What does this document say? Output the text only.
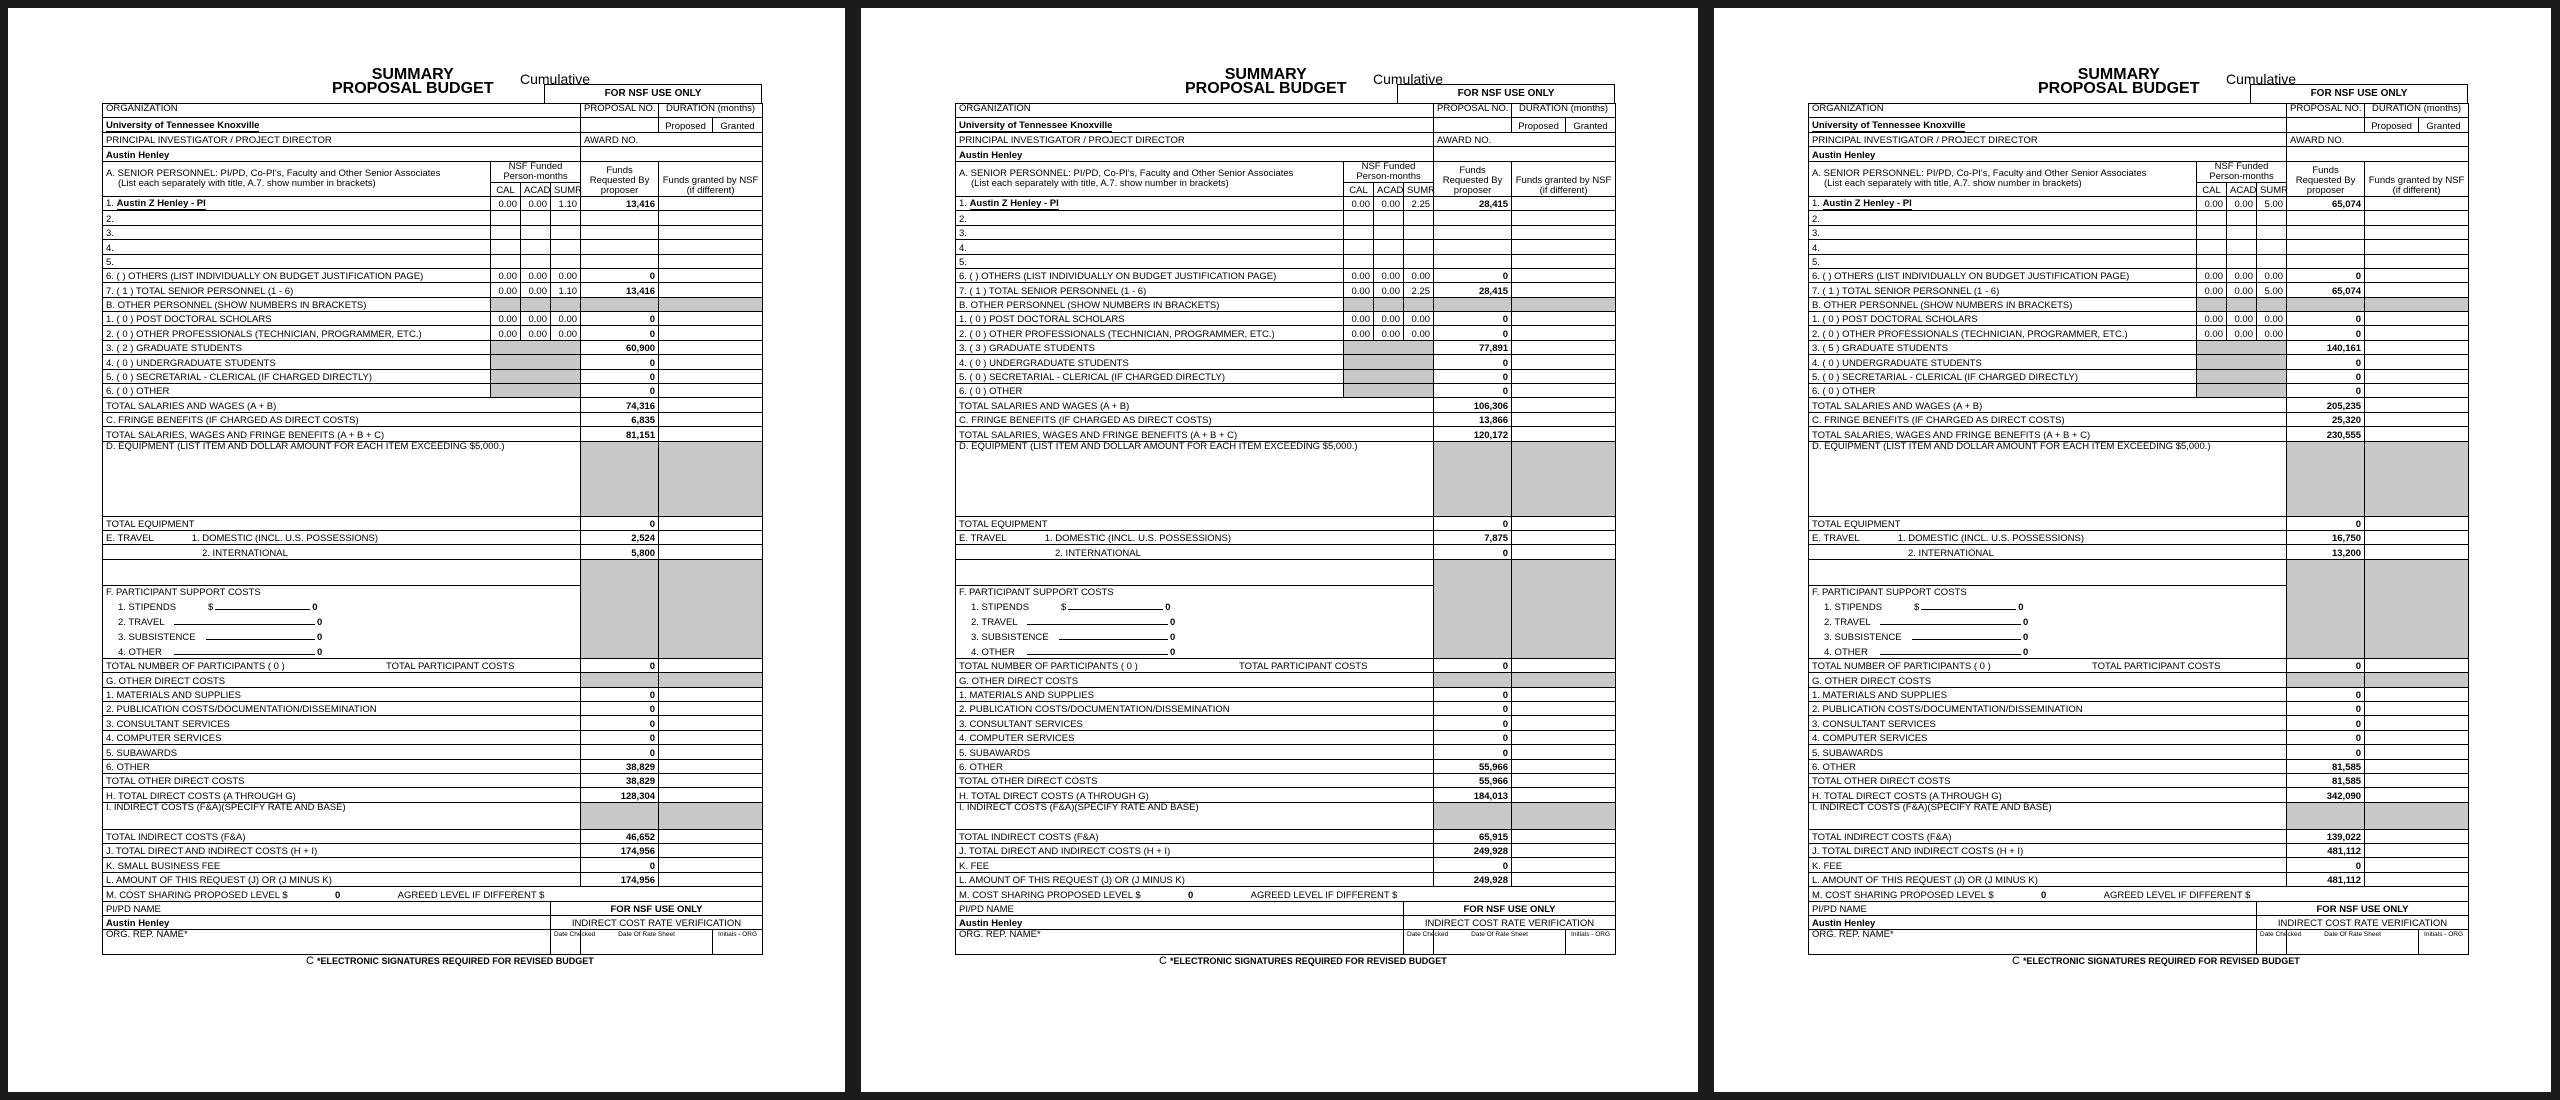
SUMMARY
PROPOSAL BUDGET
Cumulative
FOR NSF USE ONLY
ORGANIZATION				PROPOSAL NO.	DURATION (months)	
University of Tennessee Knoxville					Proposed	Granted
PRINCIPAL INVESTIGATOR / PROJECT DIRECTOR				AWARD NO.		
Austin Henley						

A. SENIOR PERSONNEL: PI/PD, Co-PI's, Faculty and Other Senior Associates
(List each separately with title, A.7. show number in brackets)	NSF Funded Person-months			Funds Requested By proposer	Funds granted by NSF (if different)	
	CAL	ACAD	SUMR			
1. Austin Z Henley - PI	0.00	0.00	1.10	13,416		
2.						
3.						
4.						
5.						
6. ( ) OTHERS (LIST INDIVIDUALLY ON BUDGET JUSTIFICATION PAGE)	0.00	0.00	0.00	0		
7. ( 1 ) TOTAL SENIOR PERSONNEL (1 - 6)	0.00	0.00	1.10	13,416		
B. OTHER PERSONNEL (SHOW NUMBERS IN BRACKETS)						
1. ( 0 ) POST DOCTORAL SCHOLARS	0.00	0.00	0.00	0		
2. ( 0 ) OTHER PROFESSIONALS (TECHNICIAN, PROGRAMMER, ETC.)	0.00	0.00	0.00	0		
3. ( 2 ) GRADUATE STUDENTS				60,900		
4. ( 0 ) UNDERGRADUATE STUDENTS				0		
5. ( 0 ) SECRETARIAL - CLERICAL (IF CHARGED DIRECTLY)				0		
6. ( 0 ) OTHER				0		
TOTAL SALARIES AND WAGES (A + B)				74,316		
C. FRINGE BENEFITS (IF CHARGED AS DIRECT COSTS)				6,835		
TOTAL SALARIES, WAGES AND FRINGE BENEFITS (A + B + C)				81,151		
D. EQUIPMENT (LIST ITEM AND DOLLAR AMOUNT FOR EACH ITEM EXCEEDING $5,000.)						
TOTAL EQUIPMENT				0		
E. TRAVEL 1. DOMESTIC (INCL. U.S. POSSESSIONS)				2,524		
2. INTERNATIONAL				5,800		

F. PARTICIPANT SUPPORT COSTS
1. STIPENDS $ 0
2. TRAVEL 0
3. SUBSISTENCE 0
4. OTHER 0						

TOTAL NUMBER OF PARTICIPANTS ( 0 ) TOTAL PARTICIPANT COSTS				0		
G. OTHER DIRECT COSTS						
1. MATERIALS AND SUPPLIES				0		
2. PUBLICATION COSTS/DOCUMENTATION/DISSEMINATION				0		
3. CONSULTANT SERVICES				0		
4. COMPUTER SERVICES				0		
5. SUBAWARDS				0		
6. OTHER				38,829		
TOTAL OTHER DIRECT COSTS				38,829		
H. TOTAL DIRECT COSTS (A THROUGH G)				128,304		
I. INDIRECT COSTS (F&A)(SPECIFY RATE AND BASE)						
TOTAL INDIRECT COSTS (F&A)				46,652		
J. TOTAL DIRECT AND INDIRECT COSTS (H + I)				174,956		
K. SMALL BUSINESS FEE				0		
L. AMOUNT OF THIS REQUEST (J) OR (J MINUS K)				174,956		
M. COST SHARING PROPOSED LEVEL $ 0 AGREED LEVEL IF DIFFERENT $						
PI/PD NAME			FOR NSF USE ONLY			
Austin Henley			INDIRECT COST RATE VERIFICATION			
ORG. REP. NAME*			Date Checked	Date Of Rate Sheet		Initials - ORG
C *ELECTRONIC SIGNATURES REQUIRED FOR REVISED BUDGET
SUMMARY
PROPOSAL BUDGET
Cumulative
FOR NSF USE ONLY
ORGANIZATION				PROPOSAL NO.	DURATION (months)	
University of Tennessee Knoxville					Proposed	Granted
PRINCIPAL INVESTIGATOR / PROJECT DIRECTOR				AWARD NO.		
Austin Henley						

A. SENIOR PERSONNEL: PI/PD, Co-PI's, Faculty and Other Senior Associates
(List each separately with title, A.7. show number in brackets)	NSF Funded Person-months			Funds Requested By proposer	Funds granted by NSF (if different)	
	CAL	ACAD	SUMR			
1. Austin Z Henley - PI	0.00	0.00	2.25	28,415		
2.						
3.						
4.						
5.						
6. ( ) OTHERS (LIST INDIVIDUALLY ON BUDGET JUSTIFICATION PAGE)	0.00	0.00	0.00	0		
7. ( 1 ) TOTAL SENIOR PERSONNEL (1 - 6)	0.00	0.00	2.25	28,415		
B. OTHER PERSONNEL (SHOW NUMBERS IN BRACKETS)						
1. ( 0 ) POST DOCTORAL SCHOLARS	0.00	0.00	0.00	0		
2. ( 0 ) OTHER PROFESSIONALS (TECHNICIAN, PROGRAMMER, ETC.)	0.00	0.00	0.00	0		
3. ( 3 ) GRADUATE STUDENTS				77,891		
4. ( 0 ) UNDERGRADUATE STUDENTS				0		
5. ( 0 ) SECRETARIAL - CLERICAL (IF CHARGED DIRECTLY)				0		
6. ( 0 ) OTHER				0		
TOTAL SALARIES AND WAGES (A + B)				106,306		
C. FRINGE BENEFITS (IF CHARGED AS DIRECT COSTS)				13,866		
TOTAL SALARIES, WAGES AND FRINGE BENEFITS (A + B + C)				120,172		
D. EQUIPMENT (LIST ITEM AND DOLLAR AMOUNT FOR EACH ITEM EXCEEDING $5,000.)						
TOTAL EQUIPMENT				0		
E. TRAVEL 1. DOMESTIC (INCL. U.S. POSSESSIONS)				7,875		
2. INTERNATIONAL				0		

F. PARTICIPANT SUPPORT COSTS
1. STIPENDS $ 0
2. TRAVEL 0
3. SUBSISTENCE 0
4. OTHER 0						

TOTAL NUMBER OF PARTICIPANTS ( 0 ) TOTAL PARTICIPANT COSTS				0		
G. OTHER DIRECT COSTS						
1. MATERIALS AND SUPPLIES				0		
2. PUBLICATION COSTS/DOCUMENTATION/DISSEMINATION				0		
3. CONSULTANT SERVICES				0		
4. COMPUTER SERVICES				0		
5. SUBAWARDS				0		
6. OTHER				55,966		
TOTAL OTHER DIRECT COSTS				55,966		
H. TOTAL DIRECT COSTS (A THROUGH G)				184,013		
I. INDIRECT COSTS (F&A)(SPECIFY RATE AND BASE)						
TOTAL INDIRECT COSTS (F&A)				65,915		
J. TOTAL DIRECT AND INDIRECT COSTS (H + I)				249,928		
K. FEE				0		
L. AMOUNT OF THIS REQUEST (J) OR (J MINUS K)				249,928		
M. COST SHARING PROPOSED LEVEL $ 0 AGREED LEVEL IF DIFFERENT $						
PI/PD NAME			FOR NSF USE ONLY			
Austin Henley			INDIRECT COST RATE VERIFICATION			
ORG. REP. NAME*			Date Checked	Date Of Rate Sheet		Initials - ORG
C *ELECTRONIC SIGNATURES REQUIRED FOR REVISED BUDGET
SUMMARY
PROPOSAL BUDGET
Cumulative
FOR NSF USE ONLY
ORGANIZATION				PROPOSAL NO.	DURATION (months)	
University of Tennessee Knoxville					Proposed	Granted
PRINCIPAL INVESTIGATOR / PROJECT DIRECTOR				AWARD NO.		
Austin Henley						

A. SENIOR PERSONNEL: PI/PD, Co-PI's, Faculty and Other Senior Associates
(List each separately with title, A.7. show number in brackets)	NSF Funded Person-months			Funds Requested By proposer	Funds granted by NSF (if different)	
	CAL	ACAD	SUMR			
1. Austin Z Henley - PI	0.00	0.00	5.00	65,074		
2.						
3.						
4.						
5.						
6. ( ) OTHERS (LIST INDIVIDUALLY ON BUDGET JUSTIFICATION PAGE)	0.00	0.00	0.00	0		
7. ( 1 ) TOTAL SENIOR PERSONNEL (1 - 6)	0.00	0.00	5.00	65,074		
B. OTHER PERSONNEL (SHOW NUMBERS IN BRACKETS)						
1. ( 0 ) POST DOCTORAL SCHOLARS	0.00	0.00	0.00	0		
2. ( 0 ) OTHER PROFESSIONALS (TECHNICIAN, PROGRAMMER, ETC.)	0.00	0.00	0.00	0		
3. ( 5 ) GRADUATE STUDENTS				140,161		
4. ( 0 ) UNDERGRADUATE STUDENTS				0		
5. ( 0 ) SECRETARIAL - CLERICAL (IF CHARGED DIRECTLY)				0		
6. ( 0 ) OTHER				0		
TOTAL SALARIES AND WAGES (A + B)				205,235		
C. FRINGE BENEFITS (IF CHARGED AS DIRECT COSTS)				25,320		
TOTAL SALARIES, WAGES AND FRINGE BENEFITS (A + B + C)				230,555		
D. EQUIPMENT (LIST ITEM AND DOLLAR AMOUNT FOR EACH ITEM EXCEEDING $5,000.)						
TOTAL EQUIPMENT				0		
E. TRAVEL 1. DOMESTIC (INCL. U.S. POSSESSIONS)				16,750		
2. INTERNATIONAL				13,200		

F. PARTICIPANT SUPPORT COSTS
1. STIPENDS $ 0
2. TRAVEL 0
3. SUBSISTENCE 0
4. OTHER 0						

TOTAL NUMBER OF PARTICIPANTS ( 0 ) TOTAL PARTICIPANT COSTS				0		
G. OTHER DIRECT COSTS						
1. MATERIALS AND SUPPLIES				0		
2. PUBLICATION COSTS/DOCUMENTATION/DISSEMINATION				0		
3. CONSULTANT SERVICES				0		
4. COMPUTER SERVICES				0		
5. SUBAWARDS				0		
6. OTHER				81,585		
TOTAL OTHER DIRECT COSTS				81,585		
H. TOTAL DIRECT COSTS (A THROUGH G)				342,090		
I. INDIRECT COSTS (F&A)(SPECIFY RATE AND BASE)						
TOTAL INDIRECT COSTS (F&A)				139,022		
J. TOTAL DIRECT AND INDIRECT COSTS (H + I)				481,112		
K. FEE				0		
L. AMOUNT OF THIS REQUEST (J) OR (J MINUS K)				481,112		
M. COST SHARING PROPOSED LEVEL $ 0 AGREED LEVEL IF DIFFERENT $						
PI/PD NAME			FOR NSF USE ONLY			
Austin Henley			INDIRECT COST RATE VERIFICATION			
ORG. REP. NAME*			Date Checked	Date Of Rate Sheet		Initials - ORG
C *ELECTRONIC SIGNATURES REQUIRED FOR REVISED BUDGET
